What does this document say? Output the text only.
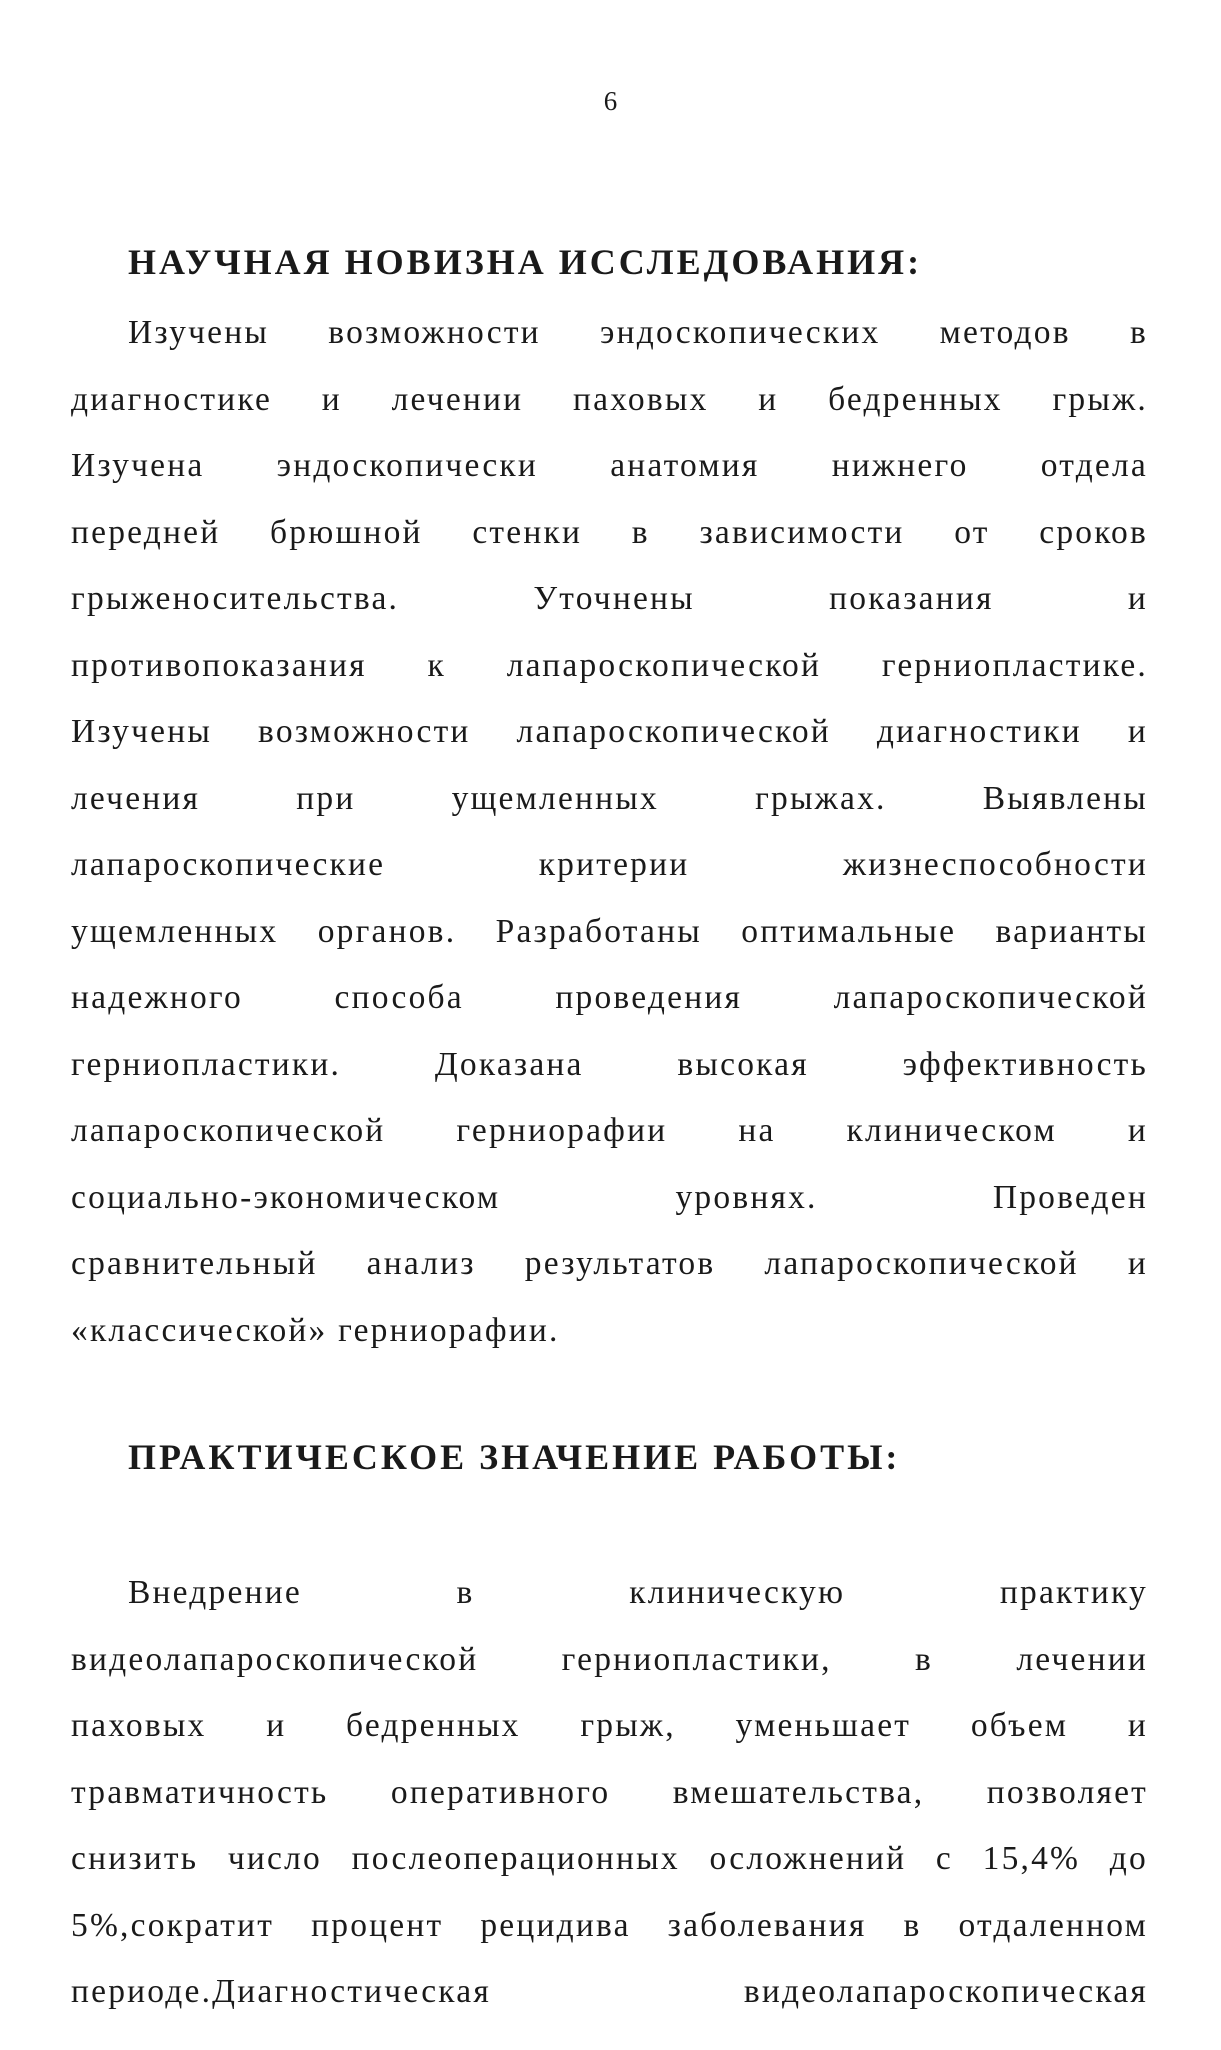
6
НАУЧНАЯ НОВИЗНА ИССЛЕДОВАНИЯ:
Изучены возможности эндоскопических методов в
диагностике и лечении паховых и бедренных грыж.
Изучена эндоскопически анатомия нижнего отдела
передней брюшной стенки в зависимости от сроков
грыженосительства. Уточнены показания и
противопоказания к лапароскопической герниопластике.
Изучены возможности лапароскопической диагностики и
лечения при ущемленных грыжах. Выявлены
лапароскопические критерии жизнеспособности
ущемленных органов. Разработаны оптимальные варианты
надежного способа проведения лапароскопической
герниопластики. Доказана высокая эффективность
лапароскопической герниорафии на клиническом и
социально-экономическом уровнях. Проведен
сравнительный анализ результатов лапароскопической и
«классической» герниорафии.
ПРАКТИЧЕСКОЕ ЗНАЧЕНИЕ РАБОТЫ:
Внедрение в клиническую практику
видеолапароскопической герниопластики, в лечении
паховых и бедренных грыж, уменьшает объем и
травматичность оперативного вмешательства, позволяет
снизить число послеоперационных осложнений с 15,4% до
5%,сократит процент рецидива заболевания в отдаленном
периоде.Диагностическая видеолапароскопическая
